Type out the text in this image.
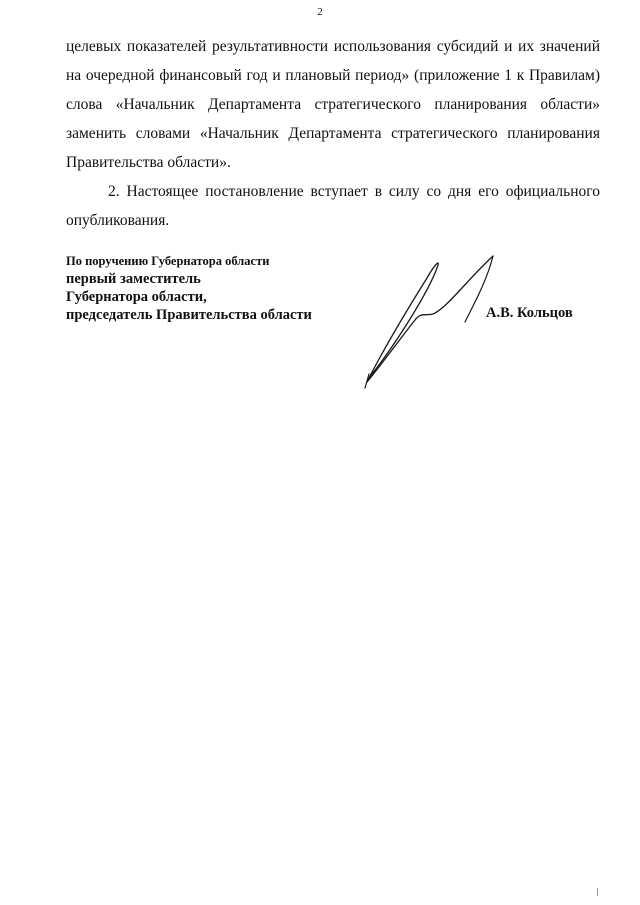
2

целевых показателей результативности использования субсидий и их значений на очередной финансовый год и плановый период» (приложение 1 к Правилам) слова «Начальник Департамента стратегического планирования области» заменить словами «Начальник Департамента стратегического планирования Правительства области».

2. Настоящее постановление вступает в силу со дня его официального опубликования.

По поручению Губернатора области
первый заместитель
Губернатора области,
председатель Правительства области	А.В. Кольцов
